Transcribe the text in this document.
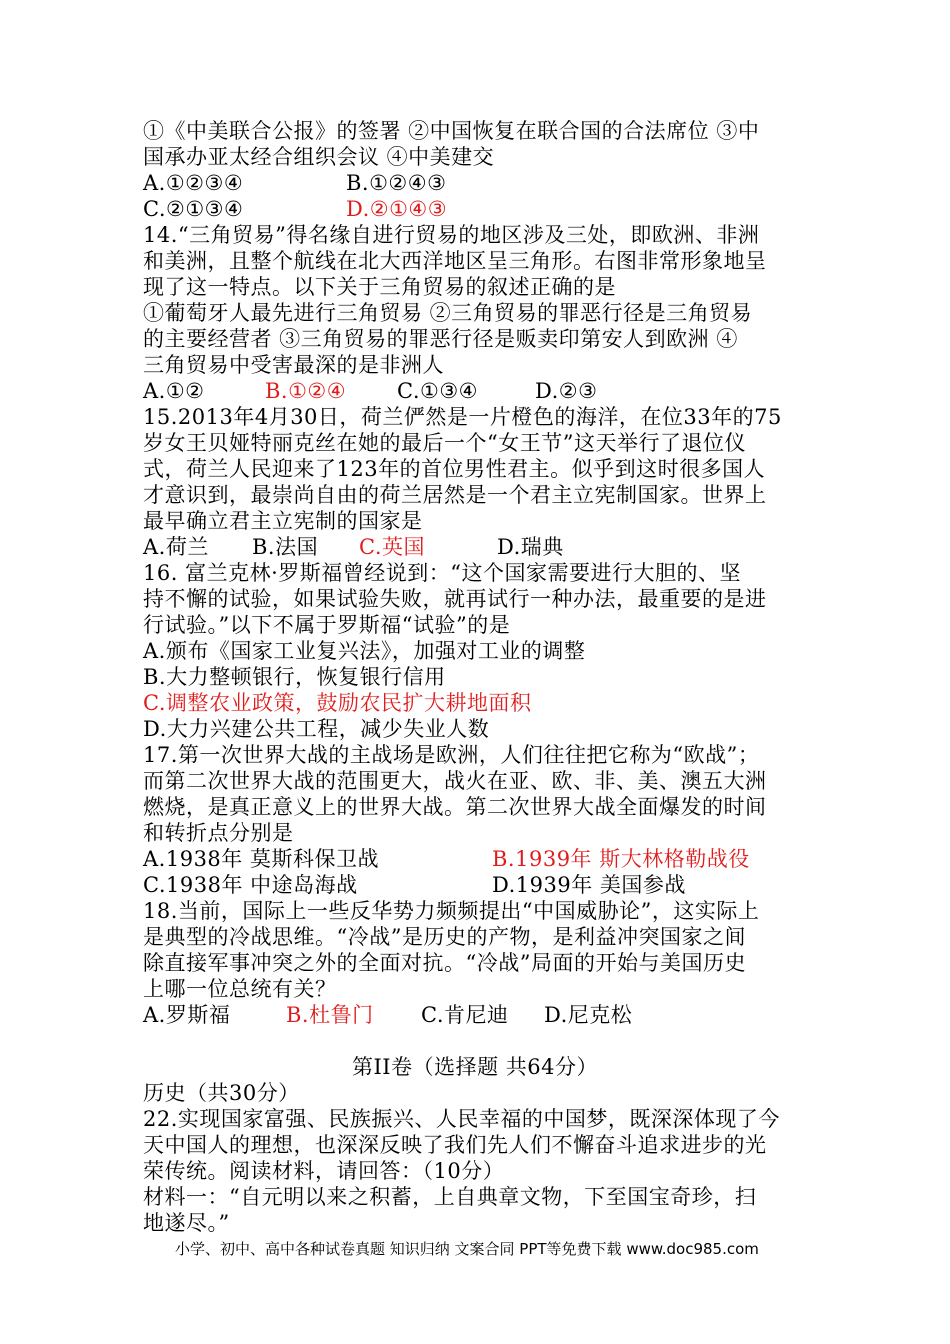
①《中美联合公报》的签署 ②中国恢复在联合国的合法席位 ③中
国承办亚太经合组织会议 ④中美建交
A.①②③④	B.①②④③
C.②①③④	D.②①④③
14.“三角贸易”得名缘自进行贸易的地区涉及三处，即欧洲、非洲
和美洲，且整个航线在北大西洋地区呈三角形。右图非常形象地呈
现了这一特点。以下关于三角贸易的叙述正确的是
①葡萄牙人最先进行三角贸易 ②三角贸易的罪恶行径是三角贸易
的主要经营者 ③三角贸易的罪恶行径是贩卖印第安人到欧洲 ④
三角贸易中受害最深的是非洲人
A.①②	B.①②④ C.①③④	D.②③
15.2013年4月30日，荷兰俨然是一片橙色的海洋，在位33年的75
岁女王贝娅特丽克丝在她的最后一个“女王节”这天举行了退位仪
式，荷兰人民迎来了123年的首位男性君主。似乎到这时很多国人
才意识到，最崇尚自由的荷兰居然是一个君主立宪制国家。世界上
最早确立君主立宪制的国家是
A.荷兰 B.法国 C.英国	D.瑞典
16. 富兰克林·罗斯福曾经说到：“这个国家需要进行大胆的、坚
持不懈的试验，如果试验失败，就再试行一种办法，最重要的是进
行试验。”以下不属于罗斯福“试验”的是
A.颁布《国家工业复兴法》，加强对工业的调整
B.大力整顿银行，恢复银行信用
C.调整农业政策，鼓励农民扩大耕地面积
D.大力兴建公共工程，减少失业人数
17.第一次世界大战的主战场是欧洲，人们往往把它称为“欧战”；
而第二次世界大战的范围更大，战火在亚、欧、非、美、澳五大洲
燃烧，是真正意义上的世界大战。第二次世界大战全面爆发的时间
和转折点分别是
A.1938年 莫斯科保卫战	B.1939年 斯大林格勒战役
C.1938年 中途岛海战	D.1939年 美国参战
18.当前，国际上一些反华势力频频提出“中国威胁论”，这实际上
是典型的冷战思维。“冷战”是历史的产物，是利益冲突国家之间
除直接军事冲突之外的全面对抗。“冷战”局面的开始与美国历史
上哪一位总统有关？
A.罗斯福	B.杜鲁门 C.肯尼迪 D.尼克松
第II卷（选择题 共64分）
历史（共30分）
22.实现国家富强、民族振兴、人民幸福的中国梦，既深深体现了今
天中国人的理想，也深深反映了我们先人们不懈奋斗追求进步的光
荣传统。阅读材料，请回答：（10分）
材料一：“自元明以来之积蓄，上自典章文物，下至国宝奇珍，扫
地遂尽。”
小学、初中、高中各种试卷真题 知识归纳 文案合同 PPT等免费下载 www.doc985.com
